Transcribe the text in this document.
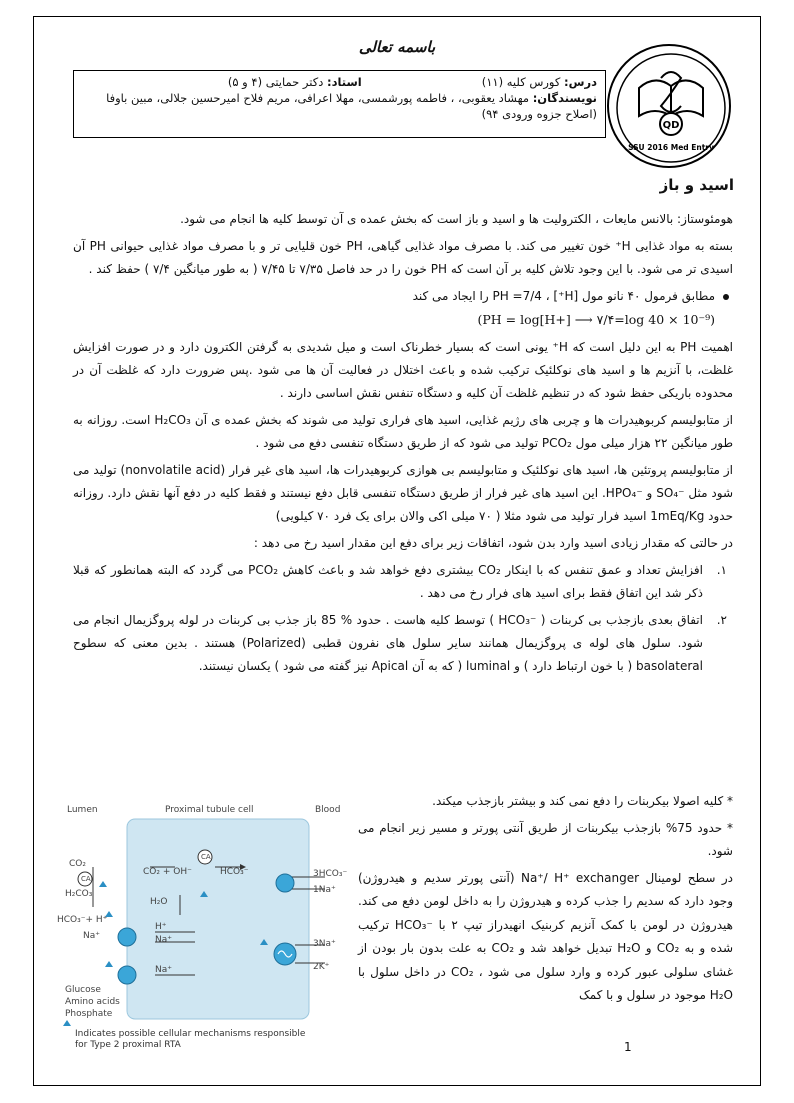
باسمه تعالی
QD
SSU 2016 Med Entry
درس: کورس کلیه (۱۱)استاد: دکتر حمایتی (۴ و ۵)
نویسندگان: مهشاد یعقوبی، ، فاطمه پورشمسی، مهلا اعرافی، مریم فلاح امیرحسین جلالی، مبین باوفا
(اصلاح جزوه ورودی ۹۴)
اسید و باز

هومئوستاز: بالانس مایعات ، الکترولیت ها و اسید و باز است که بخش عمده ی آن توسط کلیه ها انجام می شود.

بسته به مواد غذایی H⁺ خون تغییر می کند. با مصرف مواد غذایی گیاهی، PH خون قلیایی تر و با مصرف مواد غذایی حیوانی PH آن اسیدی تر می شود. با این وجود تلاش کلیه بر آن است که PH خون را در حد فاصل ۷/۳۵ تا ۷/۴۵ ( به طور میانگین ۷/۴ ) حفظ کند .

مطابق فرمول ۴۰ نانو مول [H⁺] ، PH =7/4 را ایجاد می کند

(PH = log[H+] ⟶ ۷/۴=log 40 × 10⁻⁹)

اهمیت PH به این دلیل است که H⁺ یونی است که بسیار خطرناک است و میل شدیدی به گرفتن الکترون دارد و در صورت افزایش غلظت، با آنزیم ها و اسید های نوکلئیک ترکیب شده و باعث اختلال در فعالیت آن ها می شود .پس ضرورت دارد که غلظت آن در محدوده باریکی حفظ شود که در تنظیم غلظت آن کلیه و دستگاه تنفس نقش اساسی دارند .

از متابولیسم کربوهیدرات ها و چربی های رژیم غذایی، اسید های فراری تولید می شوند که بخش عمده ی آن H₂CO₃ است. روزانه به طور میانگین ۲۲ هزار میلی مول PCO₂ تولید می شود که از طریق دستگاه تنفسی دفع می شود .

از متابولیسم پروتئین ها، اسید های نوکلئیک و متابولیسم بی هوازی کربوهیدرات ها، اسید های غیر فرار (nonvolatile acid) تولید می شود مثل ⁻SO₄ و ⁻HPO₄. این اسید های غیر فرار از طریق دستگاه تنفسی قابل دفع نیستند و فقط کلیه در دفع آنها نقش دارد. روزانه حدود 1mEq/Kg اسید فرار تولید می شود مثلا ( ۷۰ میلی اکی والان برای یک فرد ۷۰ کیلویی)

در حالتی که مقدار زیادی اسید وارد بدن شود، اتفاقات زیر برای دفع این مقدار اسید رخ می دهد :

۱.
افزایش تعداد و عمق تنفس که با اینکار CO₂ بیشتری دفع خواهد شد و باعث کاهش PCO₂ می گردد که البته همانطور که قبلا ذکر شد این اتفاق فقط برای اسید های فرار رخ می دهد .
۲.
اتفاق بعدی بازجذب بی کربنات ( ⁻HCO₃ ) توسط کلیه هاست . حدود % 85 باز جذب بی کربنات در لوله پروگزیمال انجام می شود. سلول های لوله ی پروگزیمال همانند سایر سلول های نفرون قطبی (Polarized) هستند . بدین معنی که سطوح basolateral ( با خون ارتباط دارد ) و luminal ( که به آن Apical نیز گفته می شود ) یکسان نیستند.
Lumen	Proximal tubule cell	Blood
CO₂
CA
CA
H₂CO₃
HCO₃⁻+ H⁺
Na⁺
CO₂ + OH⁻	HCO₃⁻
H₂O
H⁺
Na⁺
Na⁺
3HCO₃⁻
1Na⁺
3Na⁺
2K⁺
Glucose
Amino acids
Phosphate
Indicates possible cellular mechanisms responsible
for Type 2 proximal RTA

* کلیه اصولا بیکربنات را دفع نمی کند و بیشتر بازجذب میکند.

* حدود 75% بازجذب بیکربنات از طریق آنتی پورتر و مسیر زیر انجام می شود.

در سطح لومینال Na⁺/ H⁺ exchanger (آنتی پورتر سدیم و هیدروژن) وجود دارد که سدیم را جذب کرده و هیدروژن را به داخل لومن دفع می کند. هیدروژن در لومن با کمک آنزیم کربنیک انهیدراز تیپ ۲ با ⁻HCO₃ ترکیب شده و به CO₂ و H₂O تبدیل خواهد شد و CO₂ به علت بدون بار بودن از غشای سلولی عبور کرده و وارد سلول می شود ، CO₂ در داخل سلول با H₂O موجود در سلول و با کمک

1
